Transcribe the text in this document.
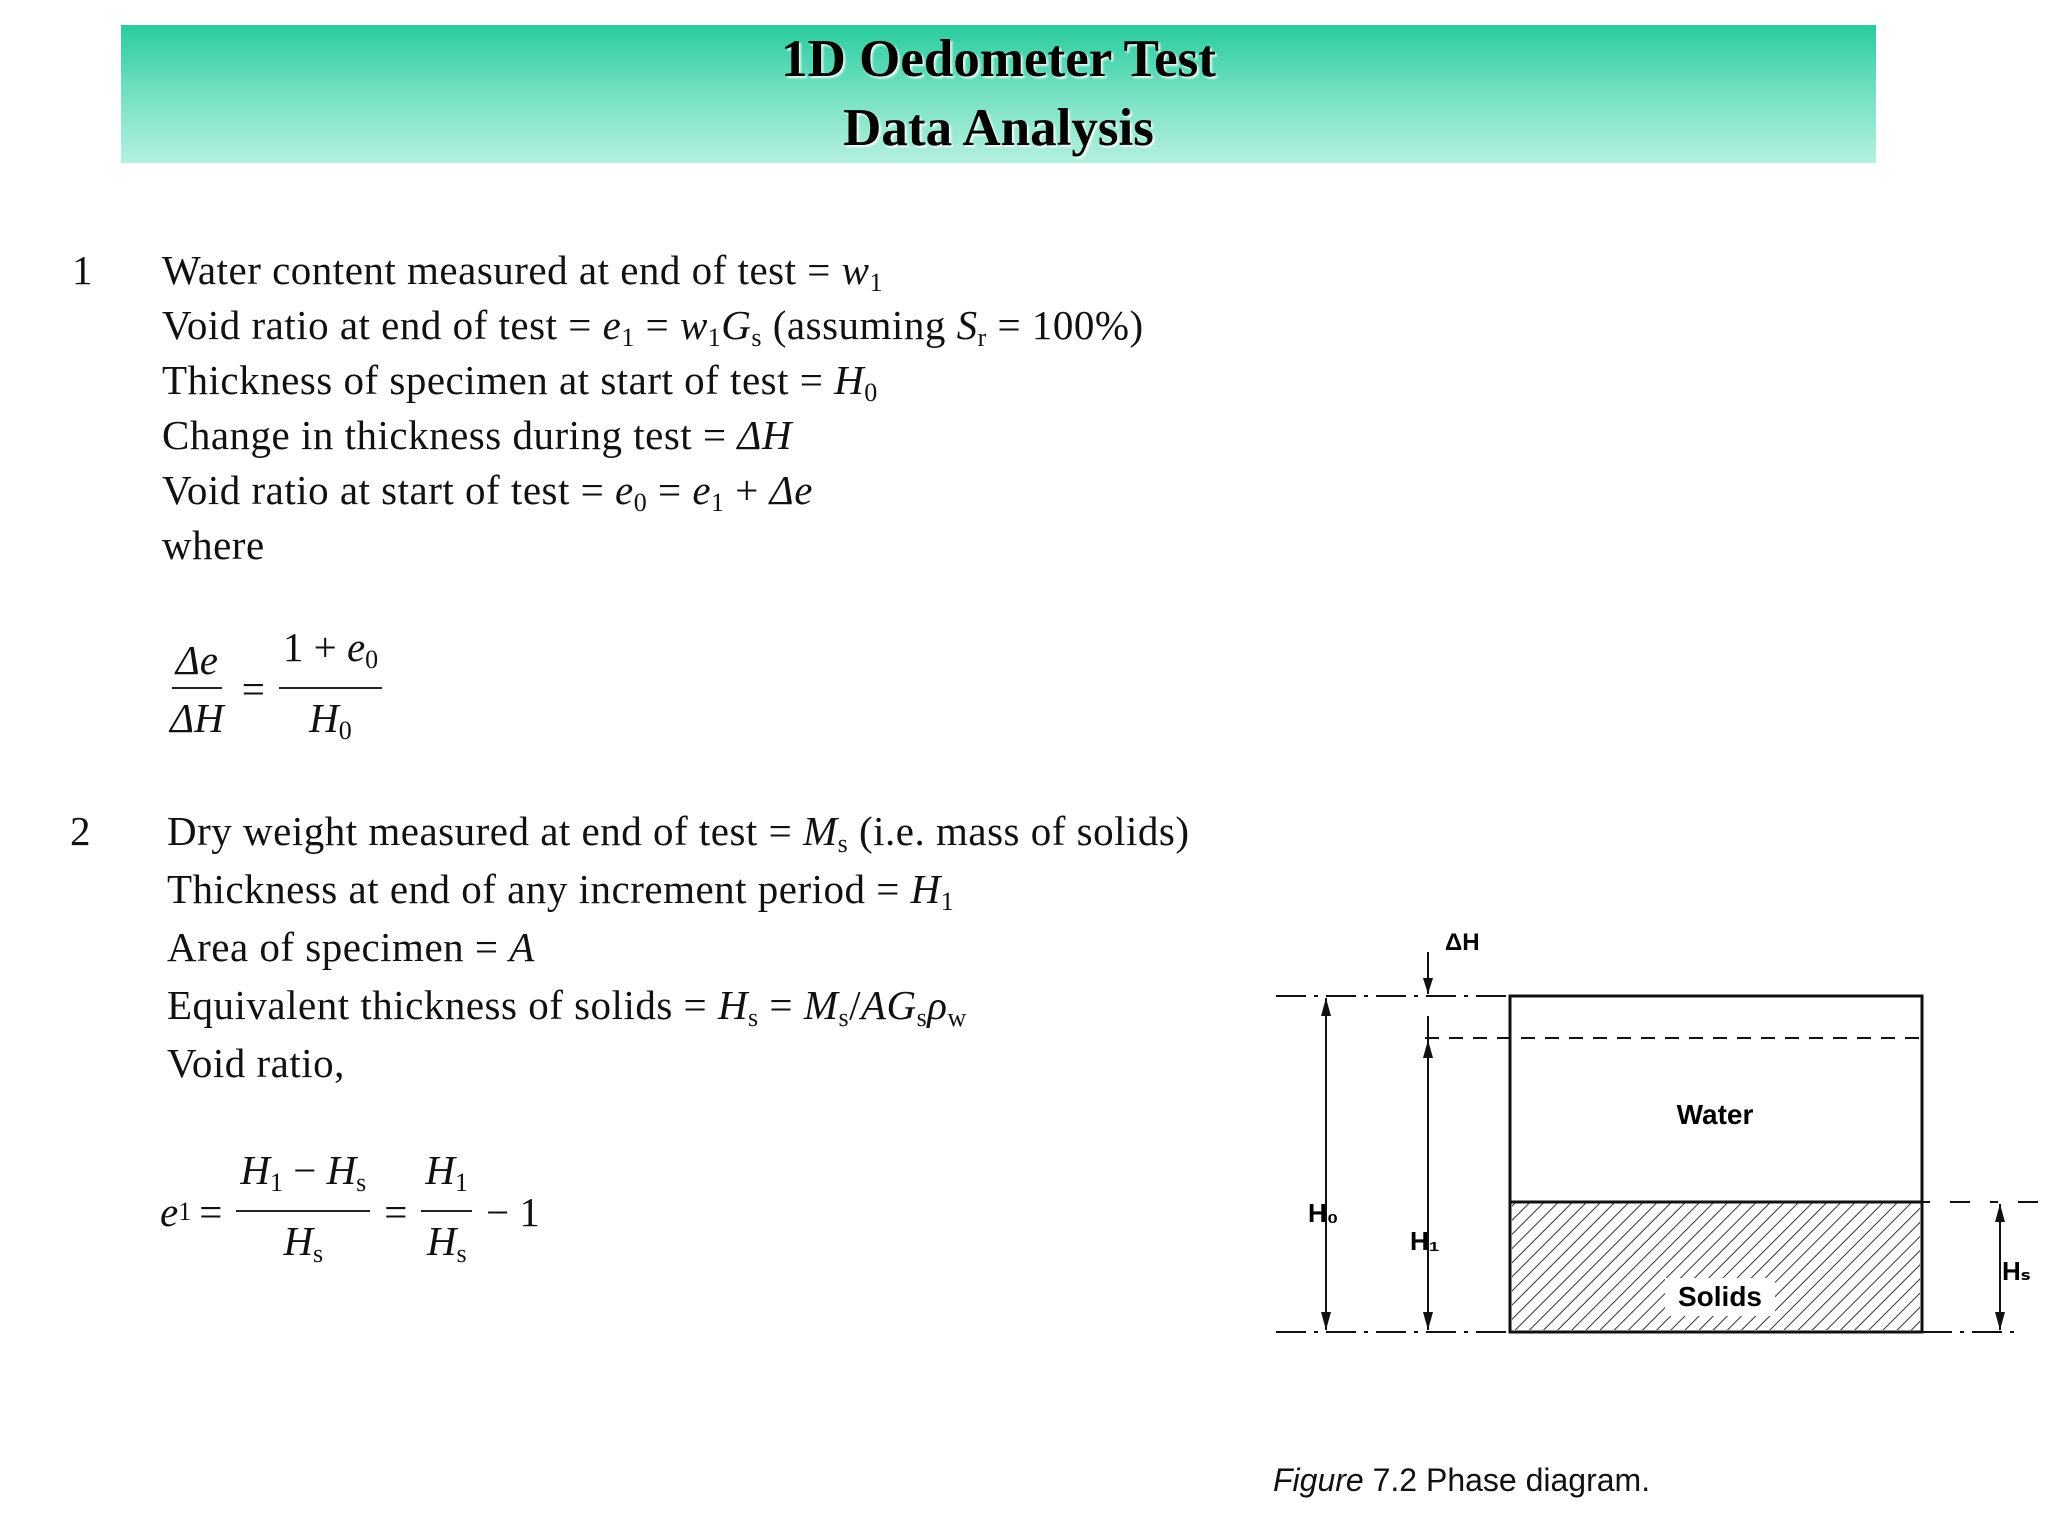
1D Oedometer Test
Data Analysis
1 Water content measured at end of test = $w_1$
Void ratio at end of test = $e_1 = w_1G_s$ (assuming $S_r = 100\%$)
Thickness of specimen at start of test = $H_0$
Change in thickness during test = ΔH
Void ratio at start of test = $e_0 = e_1 + \Delta e$
where
$\frac{\Delta e}{\Delta H} = \frac{1 + e_0}{H_0}$
2 Dry weight measured at end of test = $M_s$ (i.e. mass of solids)
Thickness at end of any increment period = $H_1$
Area of specimen = A
Equivalent thickness of solids = $H_s = M_s/AG_s\rho_w$
Void ratio,
e $1 = \frac{H_1 - H_s}{H_s} = \frac{H_1}{H_s} - 1$	H₀
H₁
ΔH
Hₛ
Water
Solids
Figure 7.2 Phase diagram.
